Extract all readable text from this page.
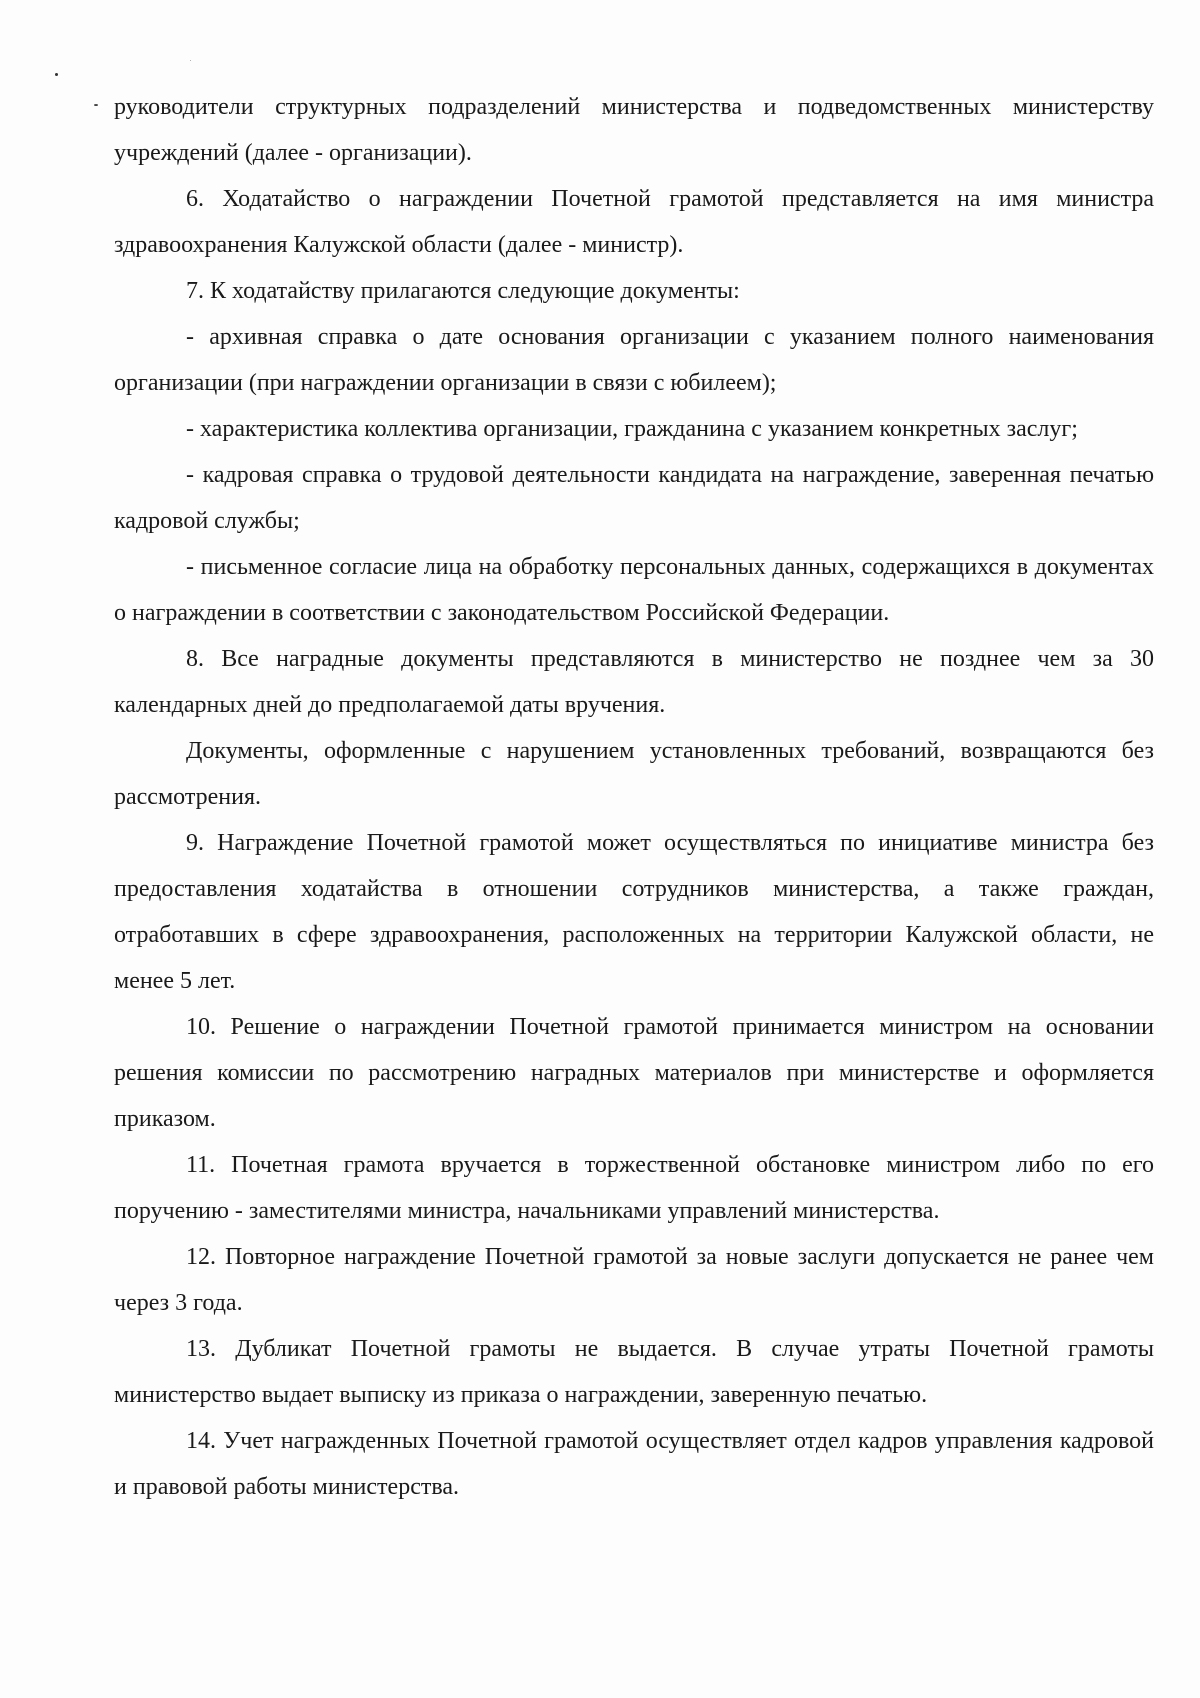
руководители структурных подразделений министерства и подведомственных министерству учреждений (далее - организации).

6. Ходатайство о награждении Почетной грамотой представляется на имя министра здравоохранения Калужской области (далее - министр).

7. К ходатайству прилагаются следующие документы:

- архивная справка о дате основания организации с указанием полного наименования организации (при награждении организации в связи с юбилеем);

- характеристика коллектива организации, гражданина с указанием конкретных заслуг;

- кадровая справка о трудовой деятельности кандидата на награждение, заверенная печатью кадровой службы;

- письменное согласие лица на обработку персональных данных, содержащихся в документах о награждении в соответствии с законодательством Российской Федерации.

8. Все наградные документы представляются в министерство не позднее чем за 30 календарных дней до предполагаемой даты вручения.

Документы, оформленные с нарушением установленных требований, возвращаются без рассмотрения.

9. Награждение Почетной грамотой может осуществляться по инициативе министра без предоставления ходатайства в отношении сотрудников министерства, а также граждан, отработавших в сфере здравоохранения, расположенных на территории Калужской области, не менее 5 лет.

10. Решение о награждении Почетной грамотой принимается министром на основании решения комиссии по рассмотрению наградных материалов при министерстве и оформляется приказом.

11. Почетная грамота вручается в торжественной обстановке министром либо по его поручению - заместителями министра, начальниками управлений министерства.

12. Повторное награждение Почетной грамотой за новые заслуги допускается не ранее чем через 3 года.

13. Дубликат Почетной грамоты не выдается. В случае утраты Почетной грамоты министерство выдает выписку из приказа о награждении, заверенную печатью.

14. Учет награжденных Почетной грамотой осуществляет отдел кадров управления кадровой и правовой работы министерства.
